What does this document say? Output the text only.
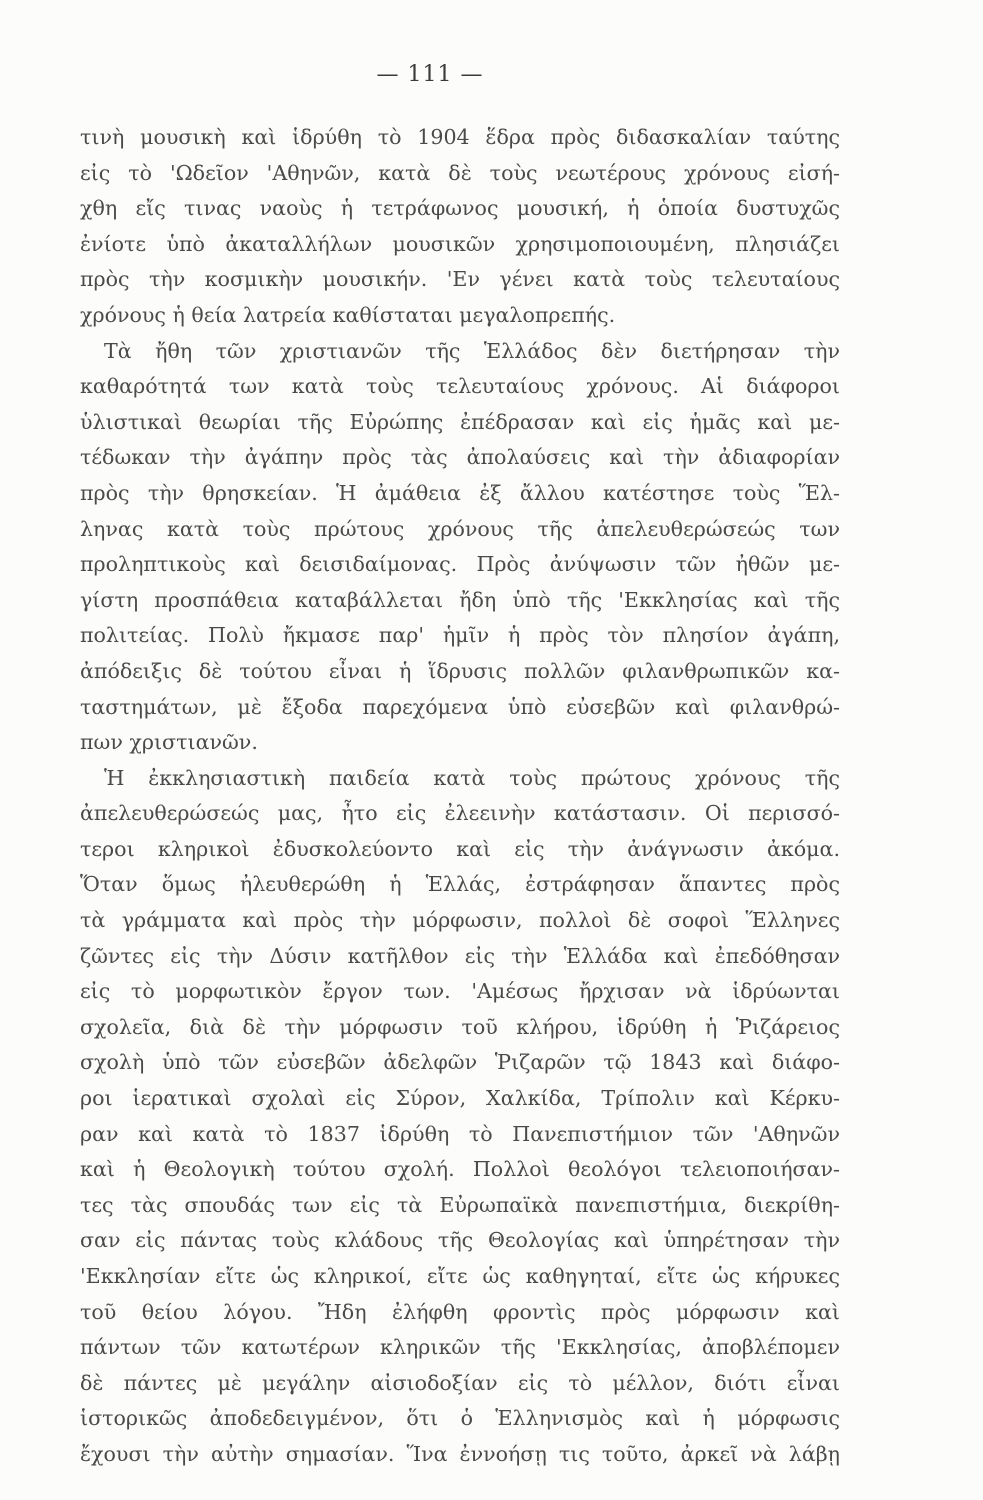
— 111 —
τινὴ μουσικὴ καὶ ἱδρύθη τὸ 1904 ἕδρα πρὸς διδασκαλίαν ταύτης
εἰς τὸ 'Ωδεῖον 'Αθηνῶν, κατὰ δὲ τοὺς νεωτέρους χρόνους εἰσή-
χθη εἴς τινας ναοὺς ἡ τετράφωνος μουσική, ἡ ὁποία δυστυχῶς
ἐνίοτε ὑπὸ ἀκαταλλήλων μουσικῶν χρησιμοποιουμένη, πλησιάζει
πρὸς τὴν κοσμικὴν μουσικήν. 'Εν γένει κατὰ τοὺς τελευταίους
χρόνους ἡ θεία λατρεία καθίσταται μεγαλοπρεπής.
Τὰ ἤθη τῶν χριστιανῶν τῆς Ἑλλάδος δὲν διετήρησαν τὴν
καθαρότητά των κατὰ τοὺς τελευταίους χρόνους. Αἱ διάφοροι
ὑλιστικαὶ θεωρίαι τῆς Εὐρώπης ἐπέδρασαν καὶ εἰς ἡμᾶς καὶ με-
τέδωκαν τὴν ἀγάπην πρὸς τὰς ἀπολαύσεις καὶ τὴν ἀδιαφορίαν
πρὸς τὴν θρησκείαν. Ἡ ἀμάθεια ἐξ ἄλλου κατέστησε τοὺς Ἕλ-
ληνας κατὰ τοὺς πρώτους χρόνους τῆς ἀπελευθερώσεώς των
προληπτικοὺς καὶ δεισιδαίμονας. Πρὸς ἀνύψωσιν τῶν ἠθῶν με-
γίστη προσπάθεια καταβάλλεται ἤδη ὑπὸ τῆς 'Εκκλησίας καὶ τῆς
πολιτείας. Πολὺ ἤκμασε παρ' ἡμῖν ἡ πρὸς τὸν πλησίον ἀγάπη,
ἀπόδειξις δὲ τούτου εἶναι ἡ ἵδρυσις πολλῶν φιλανθρωπικῶν κα-
ταστημάτων, μὲ ἔξοδα παρεχόμενα ὑπὸ εὐσεβῶν καὶ φιλανθρώ-
πων χριστιανῶν.
Ἡ ἐκκλησιαστικὴ παιδεία κατὰ τοὺς πρώτους χρόνους τῆς
ἀπελευθερώσεώς μας, ἦτο εἰς ἐλεεινὴν κατάστασιν. Οἱ περισσό-
τεροι κληρικοὶ ἐδυσκολεύοντο καὶ εἰς τὴν ἀνάγνωσιν ἀκόμα.
Ὅταν ὅμως ἠλευθερώθη ἡ Ἑλλάς, ἐστράφησαν ἅπαντες πρὸς
τὰ γράμματα καὶ πρὸς τὴν μόρφωσιν, πολλοὶ δὲ σοφοὶ Ἕλληνες
ζῶντες εἰς τὴν Δύσιν κατῆλθον εἰς τὴν Ἑλλάδα καὶ ἐπεδόθησαν
εἰς τὸ μορφωτικὸν ἔργον των. 'Αμέσως ἤρχισαν νὰ ἱδρύωνται
σχολεῖα, διὰ δὲ τὴν μόρφωσιν τοῦ κλήρου, ἱδρύθη ἡ Ῥιζάρειος
σχολὴ ὑπὸ τῶν εὐσεβῶν ἀδελφῶν Ῥιζαρῶν τῷ 1843 καὶ διάφο-
ροι ἱερατικαὶ σχολαὶ εἰς Σύρον, Χαλκίδα, Τρίπολιν καὶ Κέρκυ-
ραν καὶ κατὰ τὸ 1837 ἱδρύθη τὸ Πανεπιστήμιον τῶν 'Αθηνῶν
καὶ ἡ Θεολογικὴ τούτου σχολή. Πολλοὶ θεολόγοι τελειοποιήσαν-
τες τὰς σπουδάς των εἰς τὰ Εὐρωπαϊκὰ πανεπιστήμια, διεκρίθη-
σαν εἰς πάντας τοὺς κλάδους τῆς Θεολογίας καὶ ὑπηρέτησαν τὴν
'Εκκλησίαν εἴτε ὡς κληρικοί, εἴτε ὡς καθηγηταί, εἴτε ὡς κήρυκες
τοῦ θείου λόγου. Ἤδη ἐλήφθη φροντὶς πρὸς μόρφωσιν καὶ
πάντων τῶν κατωτέρων κληρικῶν τῆς 'Εκκλησίας, ἀποβλέπομεν
δὲ πάντες μὲ μεγάλην αἰσιοδοξίαν εἰς τὸ μέλλον, διότι εἶναι
ἱστορικῶς ἀποδεδειγμένον, ὅτι ὁ Ἑλληνισμὸς καὶ ἡ μόρφωσις
ἔχουσι τὴν αὐτὴν σημασίαν. Ἵνα ἐννοήσῃ τις τοῦτο, ἀρκεῖ νὰ λάβῃ
